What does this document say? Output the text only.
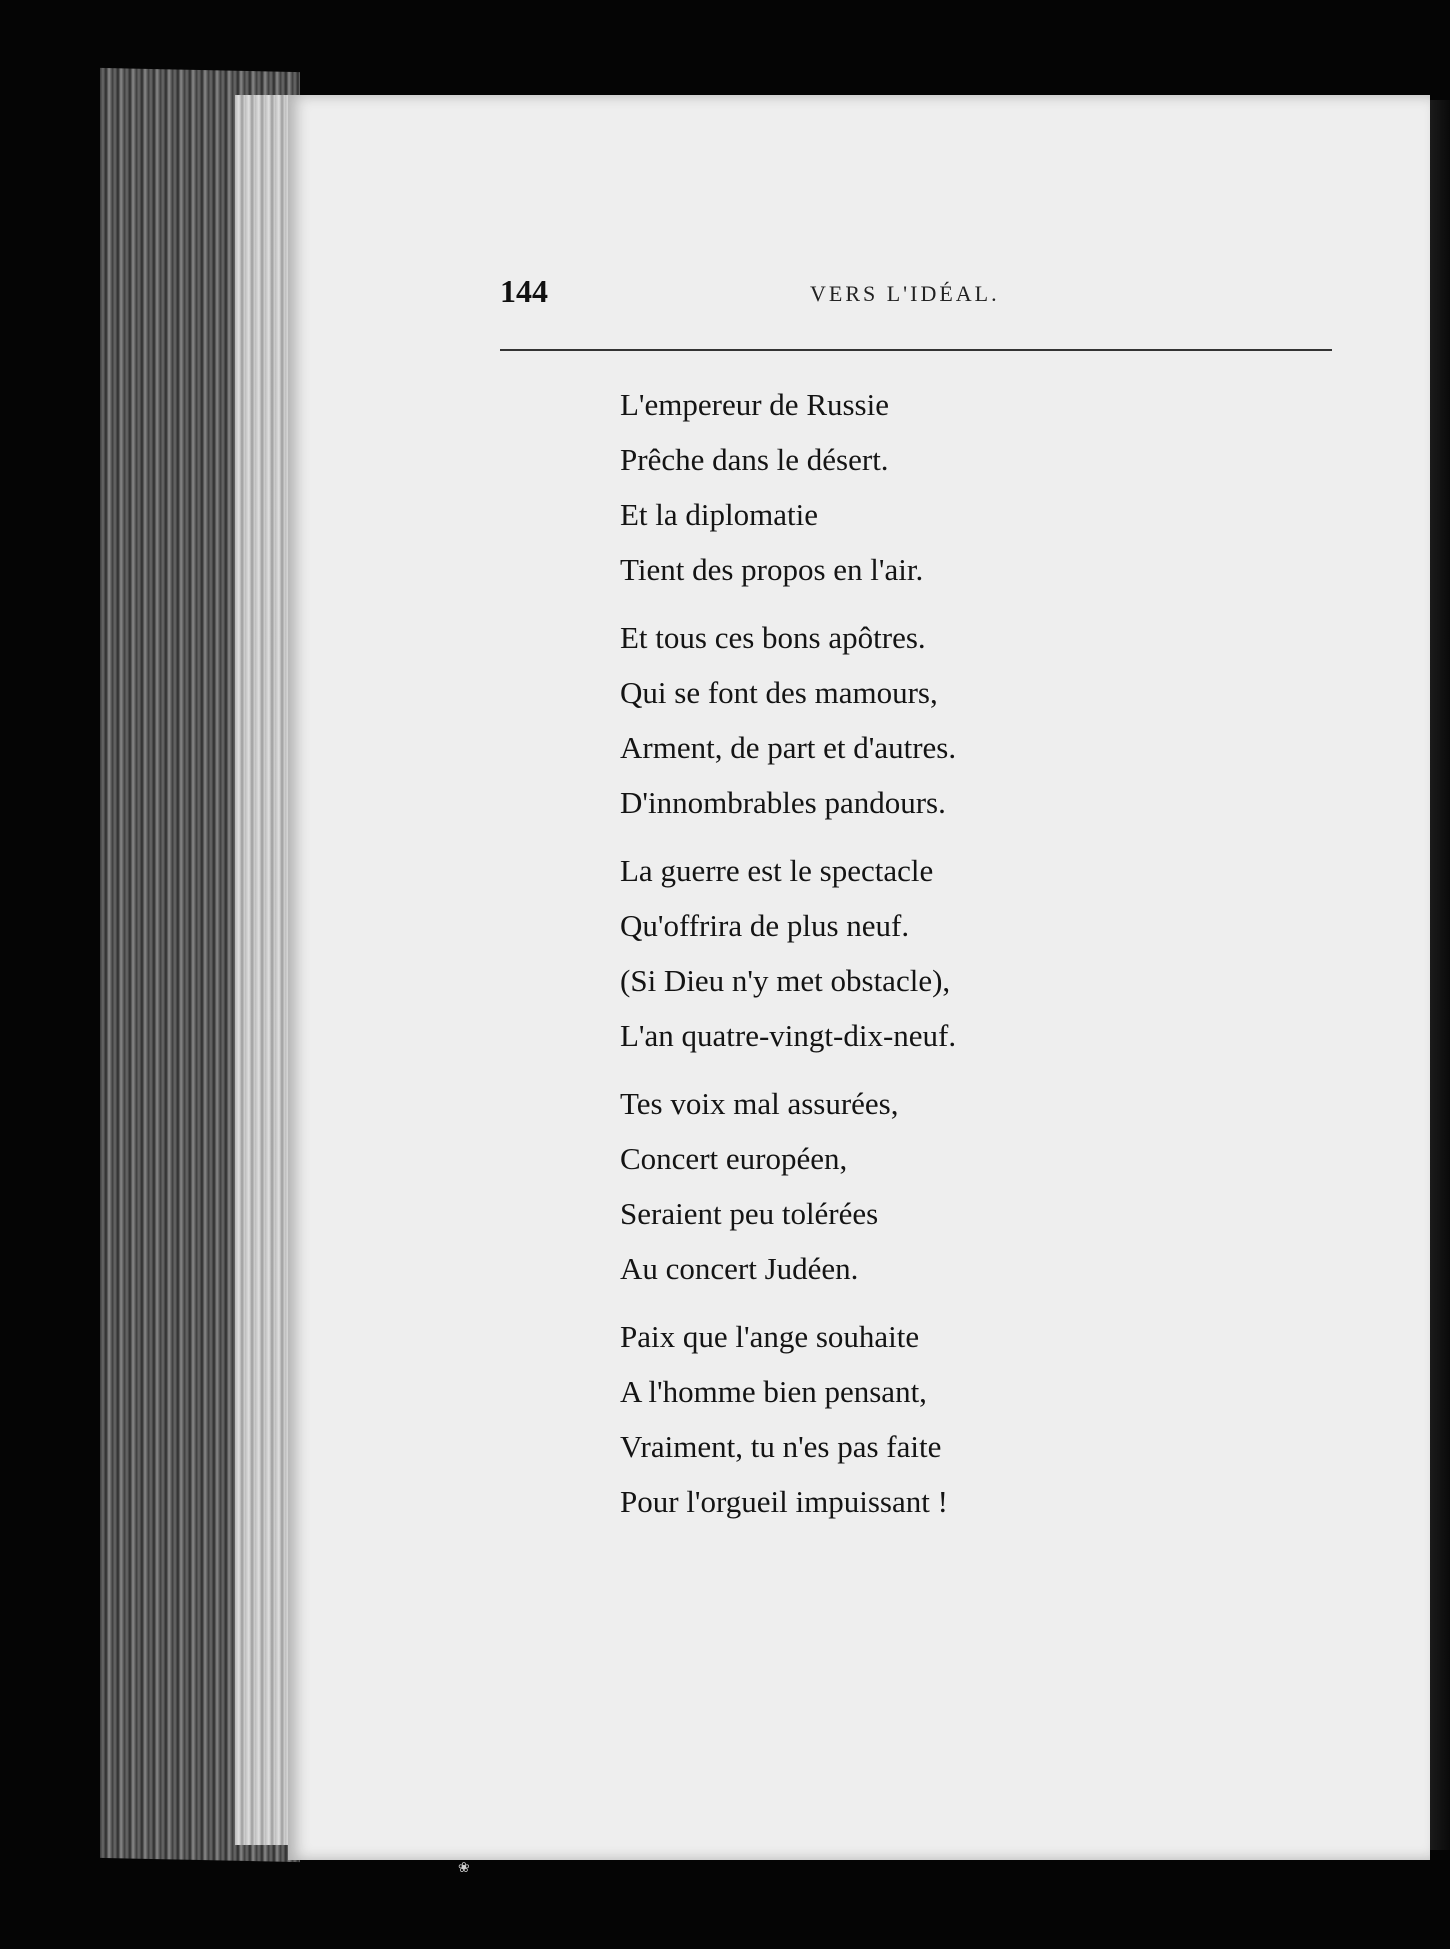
144	VERS L'IDÉAL.
L'empereur de Russie
Prêche dans le désert.
Et la diplomatie
Tient des propos en l'air.
Et tous ces bons apôtres.
Qui se font des mamours,
Arment, de part et d'autres.
D'innombrables pandours.
La guerre est le spectacle
Qu'offrira de plus neuf.
(Si Dieu n'y met obstacle),
L'an quatre-vingt-dix-neuf.
Tes voix mal assurées,
Concert européen,
Seraient peu tolérées
Au concert Judéen.
Paix que l'ange souhaite
A l'homme bien pensant,
Vraiment, tu n'es pas faite
Pour l'orgueil impuissant !
❀
